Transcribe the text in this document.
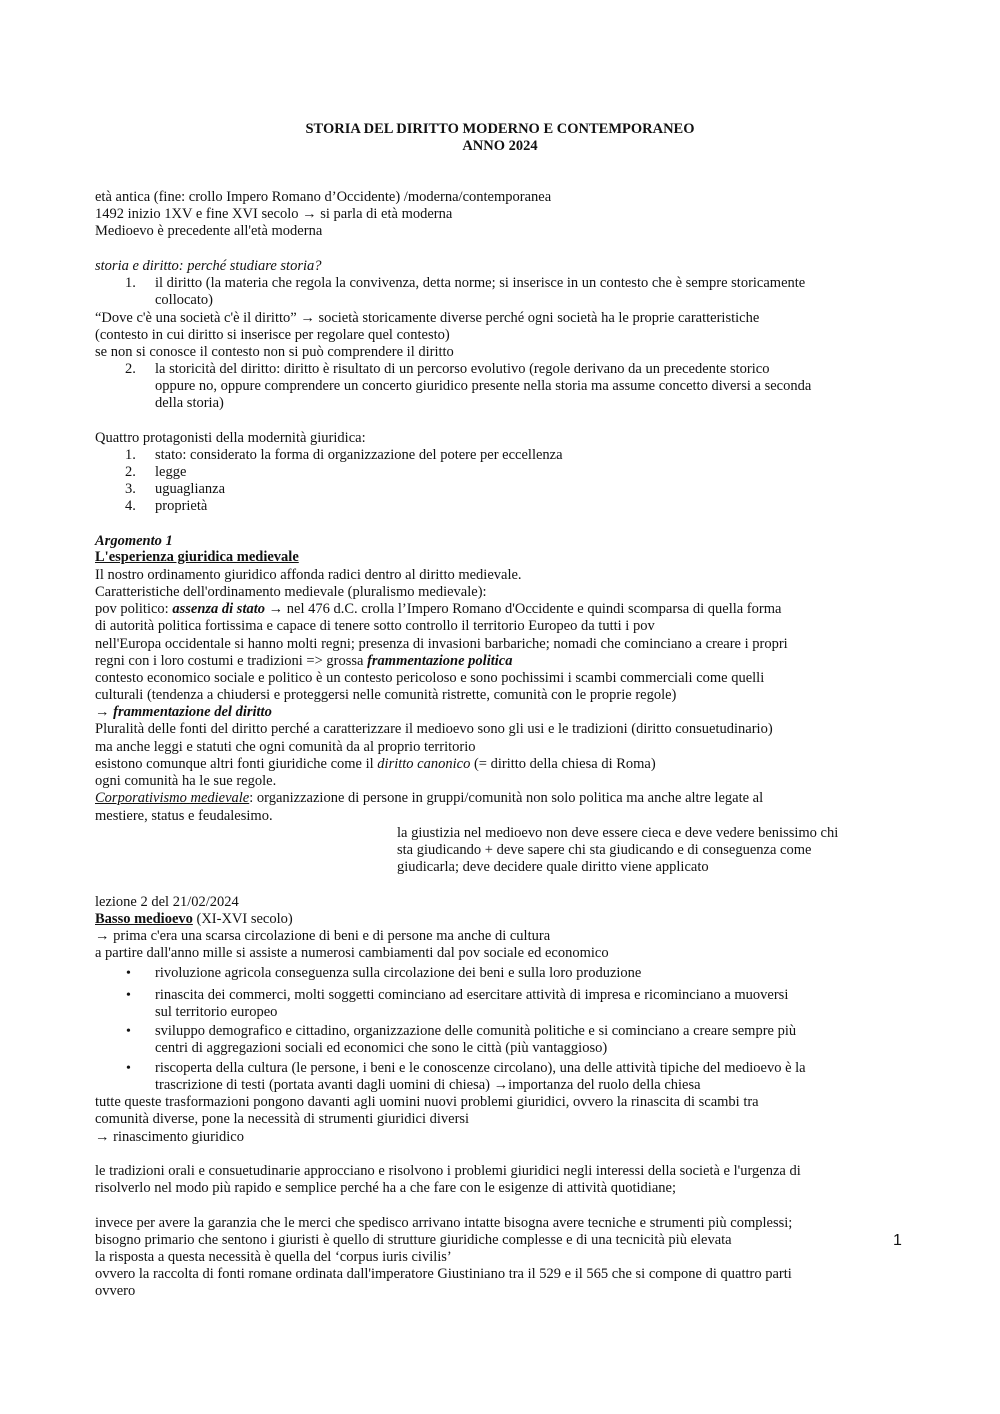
STORIA DEL DIRITTO MODERNO E CONTEMPORANEO
ANNO 2024
età antica (fine: crollo Impero Romano d’Occidente) /moderna/contemporanea
1492 inizio 1XV e fine XVI secolo → si parla di età moderna
Medioevo è precedente all'età moderna
storia e diritto: perché studiare storia?
1. il diritto (la materia che regola la convivenza, detta norme; si inserisce in un contesto che è sempre storicamente
collocato)
“Dove c'è una società c'è il diritto” → società storicamente diverse perché ogni società ha le proprie caratteristiche
(contesto in cui diritto si inserisce per regolare quel contesto)
se non si conosce il contesto non si può comprendere il diritto
2. la storicità del diritto: diritto è risultato di un percorso evolutivo (regole derivano da un precedente storico
oppure no, oppure comprendere un concerto giuridico presente nella storia ma assume concetto diversi a seconda
della storia)
Quattro protagonisti della modernità giuridica:
1. stato: considerato la forma di organizzazione del potere per eccellenza
2. legge
3. uguaglianza
4. proprietà
Argomento 1
L'esperienza giuridica medievale
Il nostro ordinamento giuridico affonda radici dentro al diritto medievale.
Caratteristiche dell'ordinamento medievale (pluralismo medievale):
pov politico: assenza di stato → nel 476 d.C. crolla l’Impero Romano d'Occidente e quindi scomparsa di quella forma
di autorità politica fortissima e capace di tenere sotto controllo il territorio Europeo da tutti i pov
nell'Europa occidentale si hanno molti regni; presenza di invasioni barbariche; nomadi che cominciano a creare i propri
regni con i loro costumi e tradizioni => grossa frammentazione politica
contesto economico sociale e politico è un contesto pericoloso e sono pochissimi i scambi commerciali come quelli
culturali (tendenza a chiudersi e proteggersi nelle comunità ristrette, comunità con le proprie regole)
→ frammentazione del diritto
Pluralità delle fonti del diritto perché a caratterizzare il medioevo sono gli usi e le tradizioni (diritto consuetudinario)
ma anche leggi e statuti che ogni comunità da al proprio territorio
esistono comunque altri fonti giuridiche come il diritto canonico (= diritto della chiesa di Roma)
ogni comunità ha le sue regole.
Corporativismo medievale: organizzazione di persone in gruppi/comunità non solo politica ma anche altre legate al
mestiere, status e feudalesimo.
la giustizia nel medioevo non deve essere cieca e deve vedere benissimo chi
sta giudicando + deve sapere chi sta giudicando e di conseguenza come
giudicarla; deve decidere quale diritto viene applicato
lezione 2 del 21/02/2024
Basso medioevo (XI-XVI secolo)
→ prima c'era una scarsa circolazione di beni e di persone ma anche di cultura
a partire dall'anno mille si assiste a numerosi cambiamenti dal pov sociale ed economico
• rivoluzione agricola conseguenza sulla circolazione dei beni e sulla loro produzione
• rinascita dei commerci, molti soggetti cominciano ad esercitare attività di impresa e ricominciano a muoversi
sul territorio europeo
• sviluppo demografico e cittadino, organizzazione delle comunità politiche e si cominciano a creare sempre più
centri di aggregazioni sociali ed economici che sono le città (più vantaggioso)
• riscoperta della cultura (le persone, i beni e le conoscenze circolano), una delle attività tipiche del medioevo è la
trascrizione di testi (portata avanti dagli uomini di chiesa) →importanza del ruolo della chiesa
tutte queste trasformazioni pongono davanti agli uomini nuovi problemi giuridici, ovvero la rinascita di scambi tra
comunità diverse, pone la necessità di strumenti giuridici diversi
→ rinascimento giuridico
le tradizioni orali e consuetudinarie approcciano e risolvono i problemi giuridici negli interessi della società e l'urgenza di
risolverlo nel modo più rapido e semplice perché ha a che fare con le esigenze di attività quotidiane;
invece per avere la garanzia che le merci che spedisco arrivano intatte bisogna avere tecniche e strumenti più complessi;
bisogno primario che sentono i giuristi è quello di strutture giuridiche complesse e di una tecnicità più elevata
la risposta a questa necessità è quella del ‘corpus iuris civilis’
ovvero la raccolta di fonti romane ordinata dall'imperatore Giustiniano tra il 529 e il 565 che si compone di quattro parti
ovvero
1
